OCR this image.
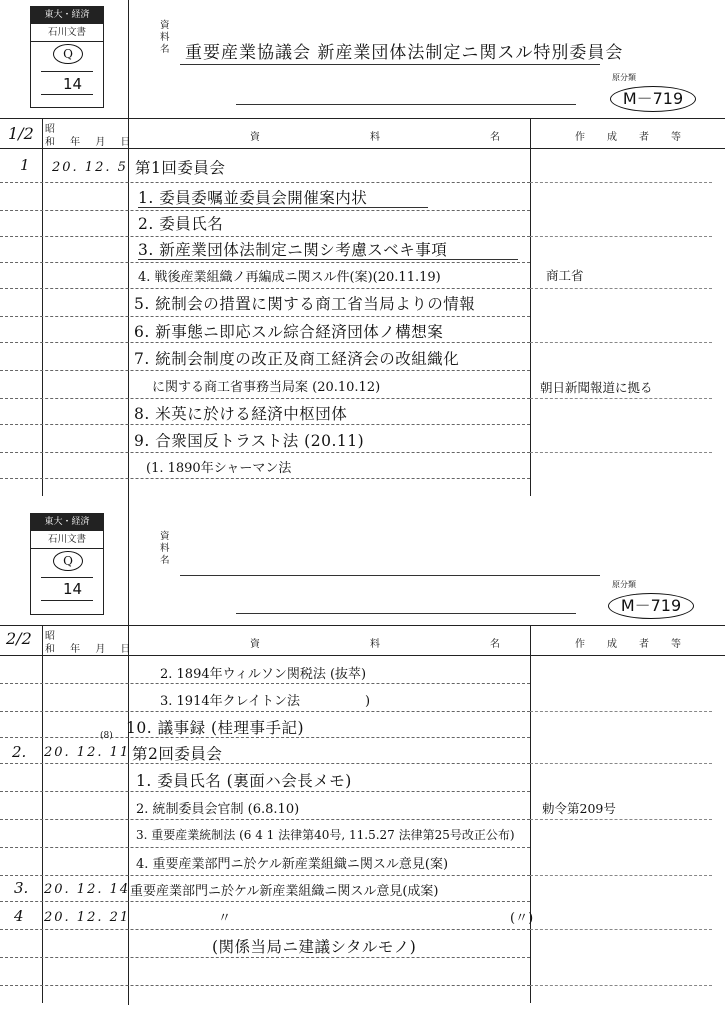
東大・経済
石川文書
Q
14
資
料
名 重要産業協議会 新産業団体法制定ニ関スル特別委員会
原分類
M－719
1/2 昭
和 年 月 日	資　　　料　　　名	作　成　者　等
1 20. 12. 5 第1回委員会
1. 委員委嘱並委員会開催案内状
2. 委員氏名
3. 新産業団体法制定ニ関シ考慮スベキ事項
4. 戦後産業組織ノ再編成ニ関スル件(案)(20.11.19)	商工省
5. 統制会の措置に関する商工省当局よりの情報
6. 新事態ニ即応スル綜合経済団体ノ構想案
7. 統制会制度の改正及商工経済会の改組織化
に関する商工省事務当局案 (20.10.12)	朝日新聞報道に拠る
8. 米英に於ける経済中枢団体
9. 合衆国反トラスト法 (20.11)
(1. 1890年シャーマン法
東大・経済
石川文書
Q
14
資
料
名
原分類
M－719
2/2 昭
和 年 月 日	資　　　料　　　名	作　成　者　等
2. 1894年ウィルソン関税法 (抜萃)
3. 1914年クレイトン法　　　　　)
10. 議事録 (桂理事手記)
2. 20. 12. 11
(8)
第2回委員会
1. 委員氏名 (裏面ハ会長メモ)
2. 統制委員会官制 (6.8.10)	勅令第209号
3. 重要産業統制法 (6 4 1 法律第40号, 11.5.27 法律第25号改正公布)
4. 重要産業部門ニ於ケル新産業組織ニ関スル意見(案)
3. 20. 12. 14 重要産業部門ニ於ケル新産業組織ニ関スル意見(成案)
4 20. 12. 21	〃	(〃)
(関係当局ニ建議シタルモノ)
